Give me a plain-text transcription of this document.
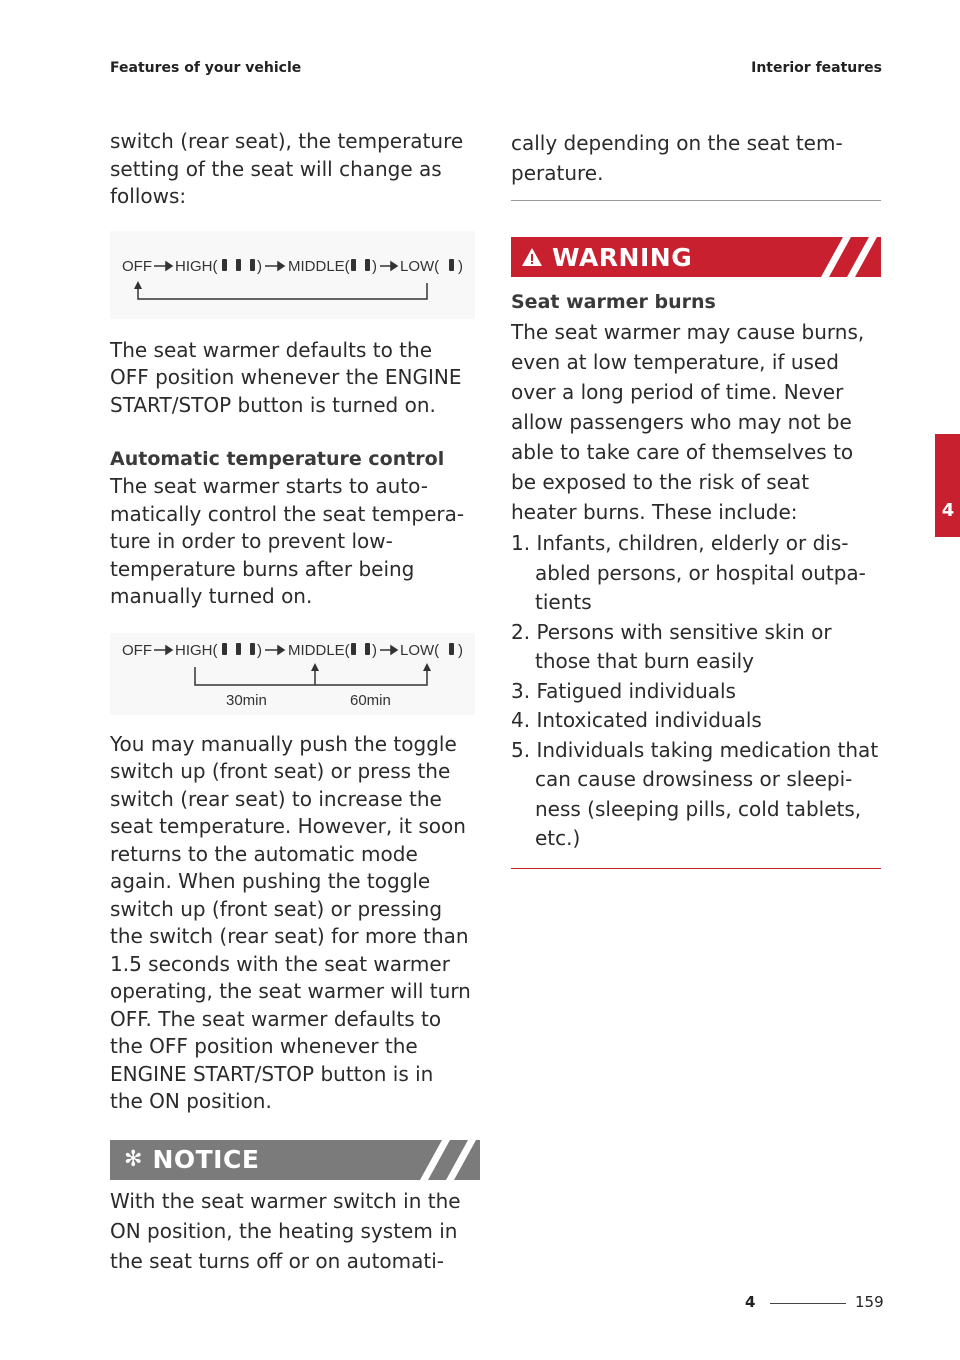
Features of your vehicle	Interior features

switch (rear seat), the temperature

setting of the seat will change as

follows:

OFF HIGH(	) MIDDLE( ) LOW( )

The seat warmer defaults to the

OFF position whenever the ENGINE

START/STOP button is turned on.

Automatic temperature control

The seat warmer starts to auto-

matically control the seat tempera-

ture in order to prevent low-

temperature burns after being

manually turned on.

OFF HIGH(	) MIDDLE( ) LOW( )
30min	60min

You may manually push the toggle

switch up (front seat) or press the

switch (rear seat) to increase the

seat temperature. However, it soon

returns to the automatic mode

again. When pushing the toggle

switch up (front seat) or pressing

the switch (rear seat) for more than

1.5 seconds with the seat warmer

operating, the seat warmer will turn

OFF. The seat warmer defaults to

the OFF position whenever the

ENGINE START/STOP button is in

the ON position.

✻ NOTICE

With the seat warmer switch in the

ON position, the heating system in

the seat turns off or on automati-

cally depending on the seat tem-

perature.

WARNING

Seat warmer burns

The seat warmer may cause burns,

even at low temperature, if used

over a long period of time. Never

allow passengers who may not be

able to take care of themselves to

be exposed to the risk of seat

heater burns. These include:

1. Infants, children, elderly or dis-
abled persons, or hospital outpa-
tients
2. Persons with sensitive skin or
those that burn easily
3. Fatigued individuals
4. Intoxicated individuals
5. Individuals taking medication that
can cause drowsiness or sleepi-
ness (sleeping pills, cold tablets,
etc.)
4
4	159
